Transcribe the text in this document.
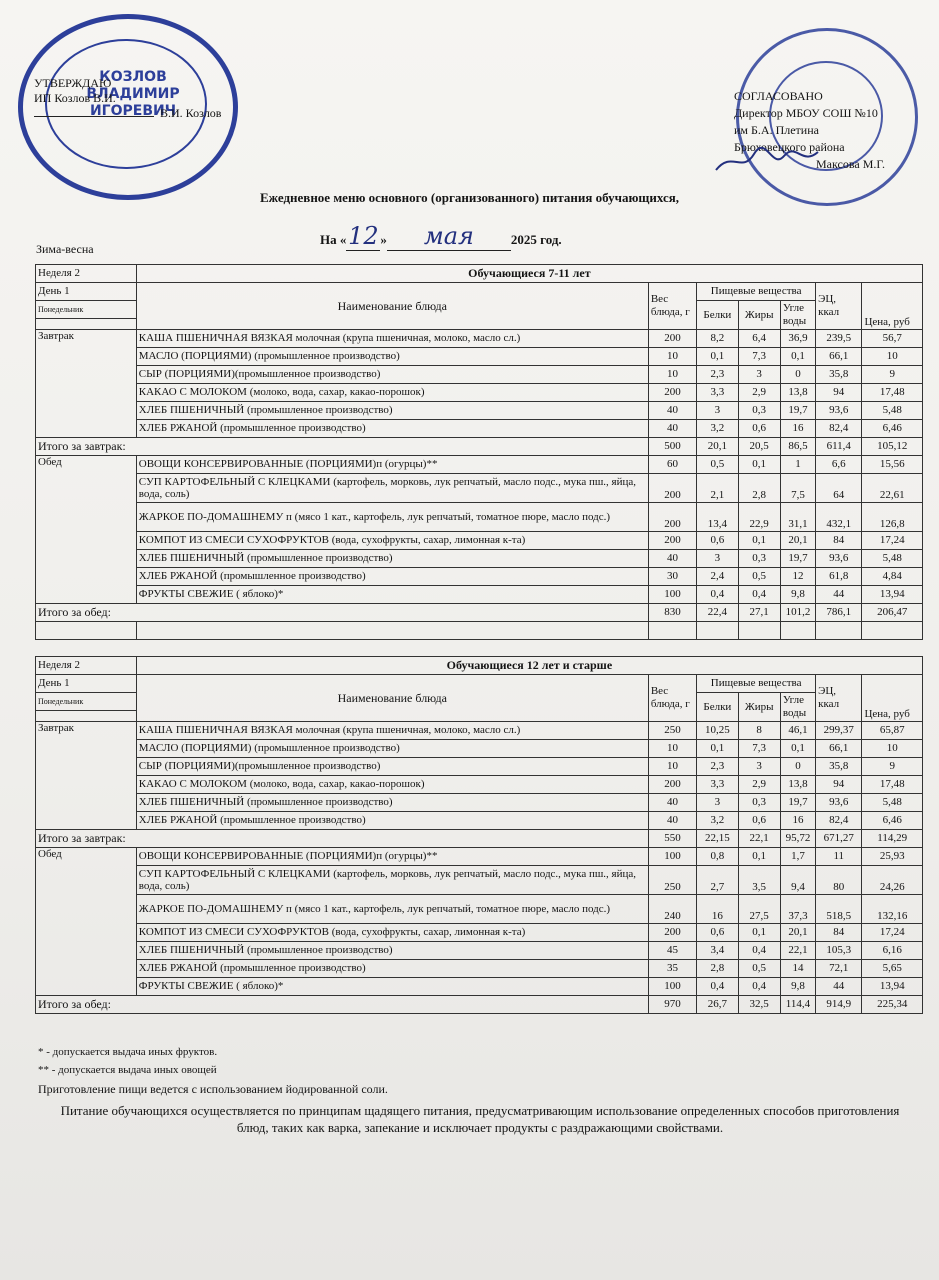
КОЗЛОВ ВЛАДИМИР ИГОРЕВИЧ
УТВЕРЖДАЮ
ИП Козлов В.И.
В.И. Козлов
СОГЛАСОВАНО
Директор МБОУ СОШ №10
им Б.А. Плетина
Брюховецкого района
Максова М.Г.
Ежедневное меню основного (организованного) питания обучающихся,
На «12 » мая	2025 год.
Зима-весна
Неделя 2	Обучающиеся 7-11 лет						
День 1	Наименование блюда	Вес блюда, г	Пищевые вещества			ЭЦ, ккал	Цена, руб
Понедельник			Белки	Жиры	Угле воды		

Завтрак	КАША ПШЕНИЧНАЯ ВЯЗКАЯ молочная (крупа пшеничная, молоко, масло сл.)	200	8,2	6,4	36,9	239,5	56,7
	МАСЛО (ПОРЦИЯМИ) (промышленное производство)	10	0,1	7,3	0,1	66,1	10
	СЫР (ПОРЦИЯМИ)(промышленное производство)	10	2,3	3	0	35,8	9
	КАКАО С МОЛОКОМ (молоко, вода, сахар, какао-порошок)	200	3,3	2,9	13,8	94	17,48
	ХЛЕБ ПШЕНИЧНЫЙ (промышленное производство)	40	3	0,3	19,7	93,6	5,48
	ХЛЕБ РЖАНОЙ (промышленное производство)	40	3,2	0,6	16	82,4	6,46
Итого за завтрак:		500	20,1	20,5	86,5	611,4	105,12
Обед	ОВОЩИ КОНСЕРВИРОВАННЫЕ (ПОРЦИЯМИ)п (огурцы)**	60	0,5	0,1	1	6,6	15,56
	СУП КАРТОФЕЛЬНЫЙ С КЛЕЦКАМИ (картофель, морковь, лук репчатый, масло подс., мука пш., яйца, вода, соль)	200	2,1	2,8	7,5	64	22,61
	ЖАРКОЕ ПО-ДОМАШНЕМУ п (мясо 1 кат., картофель, лук репчатый, томатное пюре, масло подс.)	200	13,4	22,9	31,1	432,1	126,8
	КОМПОТ ИЗ СМЕСИ СУХОФРУКТОВ (вода, сухофрукты, сахар, лимонная к-та)	200	0,6	0,1	20,1	84	17,24
	ХЛЕБ ПШЕНИЧНЫЙ (промышленное производство)	40	3	0,3	19,7	93,6	5,48
	ХЛЕБ РЖАНОЙ (промышленное производство)	30	2,4	0,5	12	61,8	4,84
	ФРУКТЫ СВЕЖИЕ ( яблоко)*	100	0,4	0,4	9,8	44	13,94
Итого за обед:		830	22,4	27,1	101,2	786,1	206,47

Неделя 2	Обучающиеся 12 лет и старше						
День 1	Наименование блюда	Вес блюда, г	Пищевые вещества			ЭЦ, ккал	Цена, руб
Понедельник			Белки	Жиры	Угле воды		

Завтрак	КАША ПШЕНИЧНАЯ ВЯЗКАЯ молочная (крупа пшеничная, молоко, масло сл.)	250	10,25	8	46,1	299,37	65,87
	МАСЛО (ПОРЦИЯМИ) (промышленное производство)	10	0,1	7,3	0,1	66,1	10
	СЫР (ПОРЦИЯМИ)(промышленное производство)	10	2,3	3	0	35,8	9
	КАКАО С МОЛОКОМ (молоко, вода, сахар, какао-порошок)	200	3,3	2,9	13,8	94	17,48
	ХЛЕБ ПШЕНИЧНЫЙ (промышленное производство)	40	3	0,3	19,7	93,6	5,48
	ХЛЕБ РЖАНОЙ (промышленное производство)	40	3,2	0,6	16	82,4	6,46
Итого за завтрак:		550	22,15	22,1	95,72	671,27	114,29
Обед	ОВОЩИ КОНСЕРВИРОВАННЫЕ (ПОРЦИЯМИ)п (огурцы)**	100	0,8	0,1	1,7	11	25,93
	СУП КАРТОФЕЛЬНЫЙ С КЛЕЦКАМИ (картофель, морковь, лук репчатый, масло подс., мука пш., яйца, вода, соль)	250	2,7	3,5	9,4	80	24,26
	ЖАРКОЕ ПО-ДОМАШНЕМУ п (мясо 1 кат., картофель, лук репчатый, томатное пюре, масло подс.)	240	16	27,5	37,3	518,5	132,16
	КОМПОТ ИЗ СМЕСИ СУХОФРУКТОВ (вода, сухофрукты, сахар, лимонная к-та)	200	0,6	0,1	20,1	84	17,24
	ХЛЕБ ПШЕНИЧНЫЙ (промышленное производство)	45	3,4	0,4	22,1	105,3	6,16
	ХЛЕБ РЖАНОЙ (промышленное производство)	35	2,8	0,5	14	72,1	5,65
	ФРУКТЫ СВЕЖИЕ ( яблоко)*	100	0,4	0,4	9,8	44	13,94
Итого за обед:		970	26,7	32,5	114,4	914,9	225,34
* - допускается выдача иных фруктов.
** - допускается выдача иных овощей
Приготовление пищи ведется с использованием йодированной соли.
Питание обучающихся осуществляется по принципам щадящего питания, предусматривающим использование определенных способов приготовления блюд, таких как варка, запекание и исключает продукты с раздражающими свойствами.
